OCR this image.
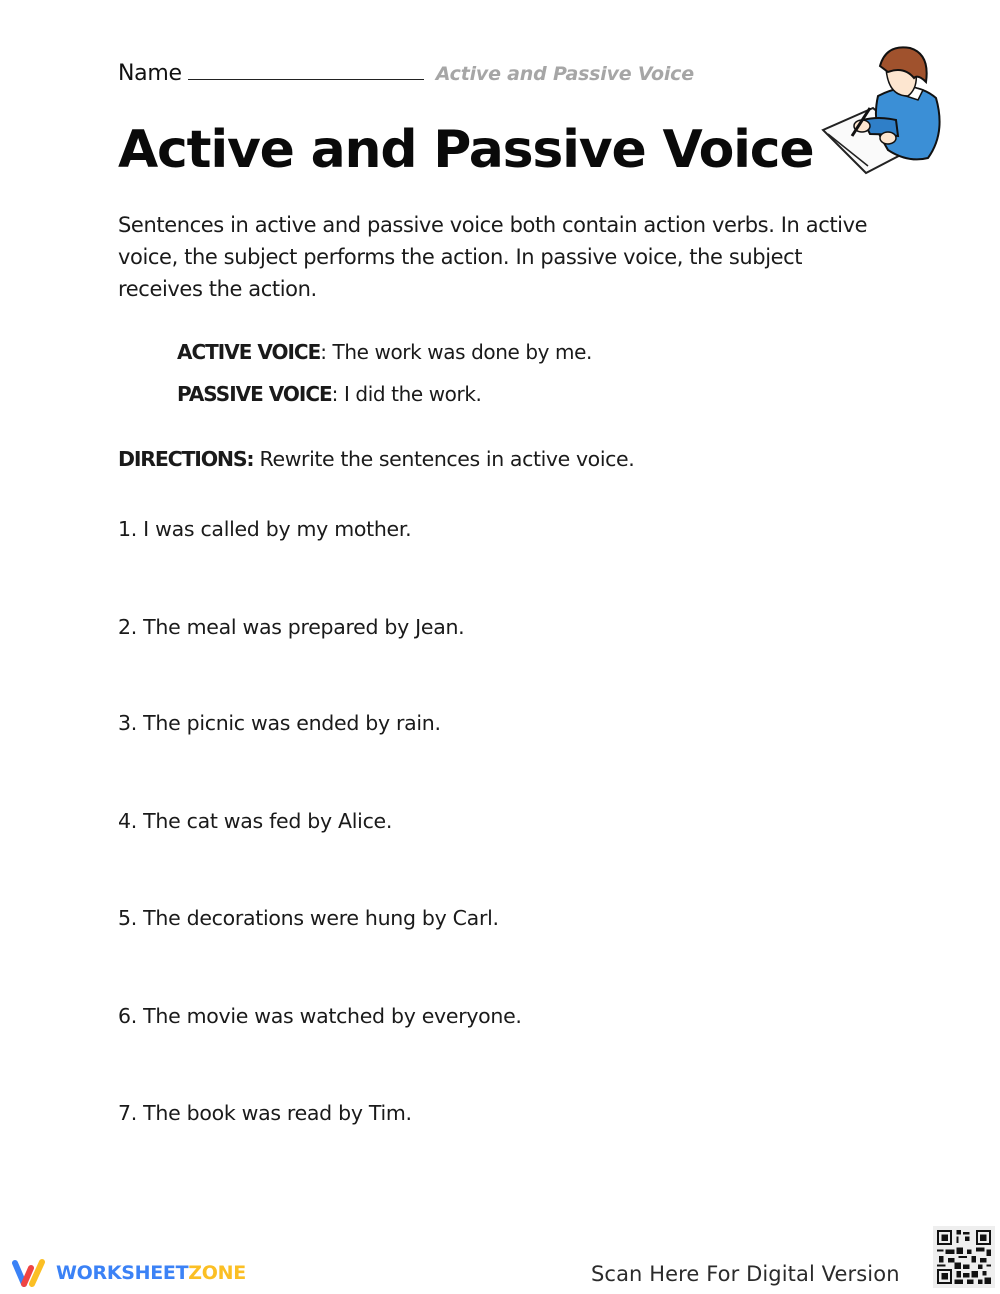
Name	Active and Passive Voice
Active and Passive Voice

Sentences in active and passive voice both contain action verbs. In active voice, the subject performs the action. In passive voice, the subject receives the action.

ACTIVE VOICE: The work was done by me.
PASSIVE VOICE: I did the work.
DIRECTIONS: Rewrite the sentences in active voice.
1. I was called by my mother.
2. The meal was prepared by Jean.
3. The picnic was ended by rain.
4. The cat was fed by Alice.
5. The decorations were hung by Carl.
6. The movie was watched by everyone.
7. The book was read by Tim.
WORKSHEETZONE	Scan Here For Digital Version
